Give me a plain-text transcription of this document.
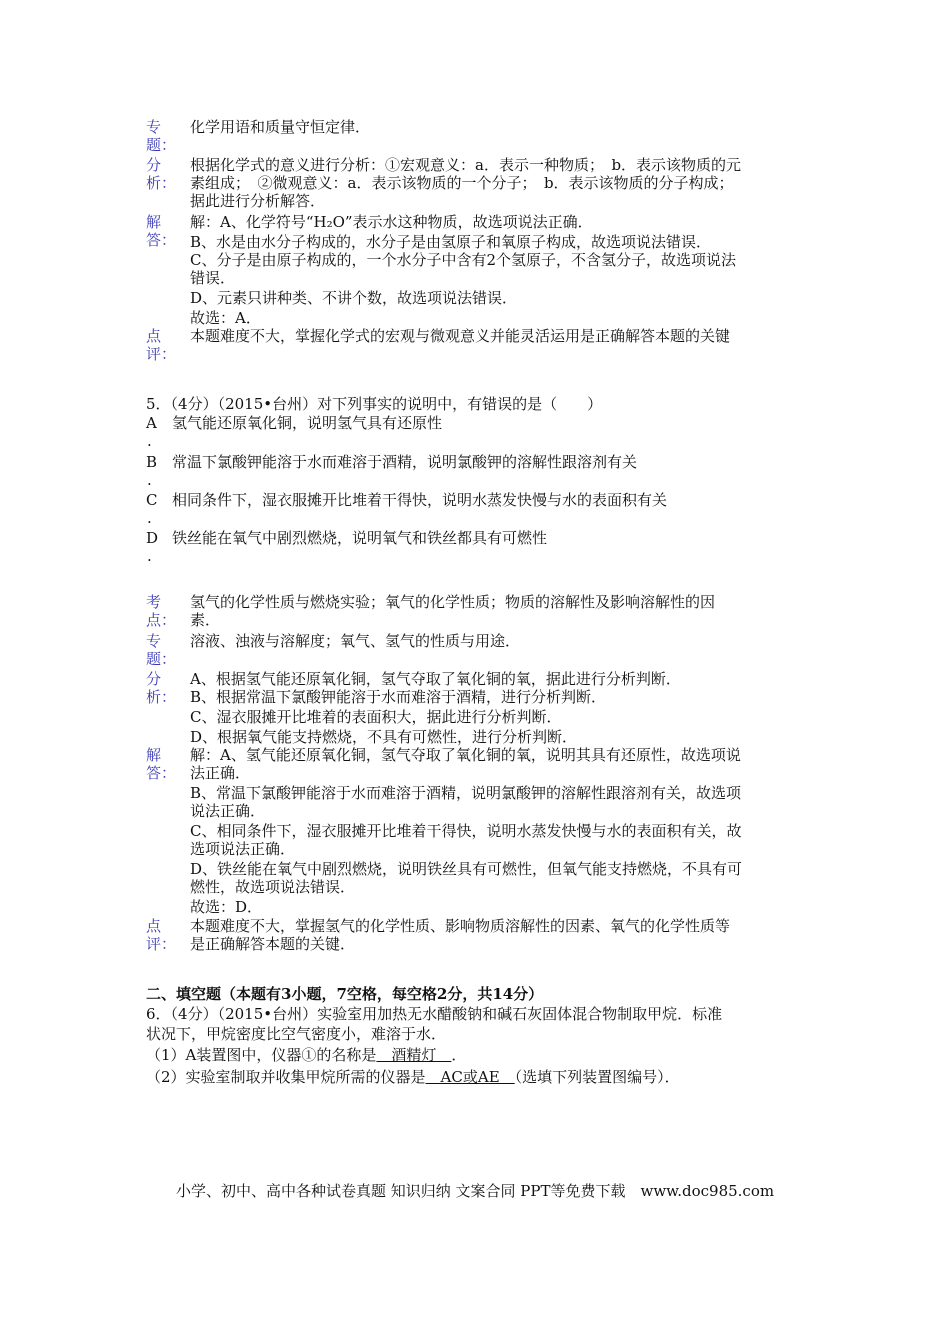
专
题：
化学用语和质量守恒定律．
分
析：
根据化学式的意义进行分析：①宏观意义：a．表示一种物质；　b．表示该物质的元
素组成；　②微观意义：a．表示该物质的一个分子；　b．表示该物质的分子构成；
据此进行分析解答．
解
答：
解：A、化学符号“H₂O”表示水这种物质，故选项说法正确．
B、水是由水分子构成的，水分子是由氢原子和氧原子构成，故选项说法错误．
C、分子是由原子构成的，一个水分子中含有2个氢原子，不含氢分子，故选项说法
错误．
D、元素只讲种类、不讲个数，故选项说法错误．
故选：A．
点
评：
本题难度不大，掌握化学式的宏观与微观意义并能灵活运用是正确解答本题的关键
5．（4分）（2015•台州）对下列事实的说明中，有错误的是（　　）
A 氢气能还原氧化铜，说明氢气具有还原性
.
B 常温下氯酸钾能溶于水而难溶于酒精，说明氯酸钾的溶解性跟溶剂有关
.
C 相同条件下，湿衣服摊开比堆着干得快，说明水蒸发快慢与水的表面积有关
.
D 铁丝能在氧气中剧烈燃烧，说明氧气和铁丝都具有可燃性
.
考
点：
氢气的化学性质与燃烧实验；氧气的化学性质；物质的溶解性及影响溶解性的因
素．
专
题：
溶液、浊液与溶解度；氧气、氢气的性质与用途．
分
析：
A、根据氢气能还原氧化铜，氢气夺取了氧化铜的氧，据此进行分析判断．
B、根据常温下氯酸钾能溶于水而难溶于酒精，进行分析判断．
C、湿衣服摊开比堆着的表面积大，据此进行分析判断．
D、根据氧气能支持燃烧，不具有可燃性，进行分析判断．
解
答：
解：A、氢气能还原氧化铜，氢气夺取了氧化铜的氧，说明其具有还原性，故选项说
法正确．
B、常温下氯酸钾能溶于水而难溶于酒精，说明氯酸钾的溶解性跟溶剂有关，故选项
说法正确．
C、相同条件下，湿衣服摊开比堆着干得快，说明水蒸发快慢与水的表面积有关，故
选项说法正确．
D、铁丝能在氧气中剧烈燃烧，说明铁丝具有可燃性，但氧气能支持燃烧，不具有可
燃性，故选项说法错误．
故选：D．
点
评：
本题难度不大，掌握氢气的化学性质、影响物质溶解性的因素、氧气的化学性质等
是正确解答本题的关键．
二、填空题（本题有3小题，7空格，每空格2分，共14分）
6．（4分）（2015•台州）实验室用加热无水醋酸钠和碱石灰固体混合物制取甲烷．标准
状况下，甲烷密度比空气密度小，难溶于水．
（1）A装置图中，仪器①的名称是　酒精灯　．
（2）实验室制取并收集甲烷所需的仪器是　AC或AE　（选填下列装置图编号）．
小学、初中、高中各种试卷真题 知识归纳 文案合同 PPT等免费下载　www.doc985.com
